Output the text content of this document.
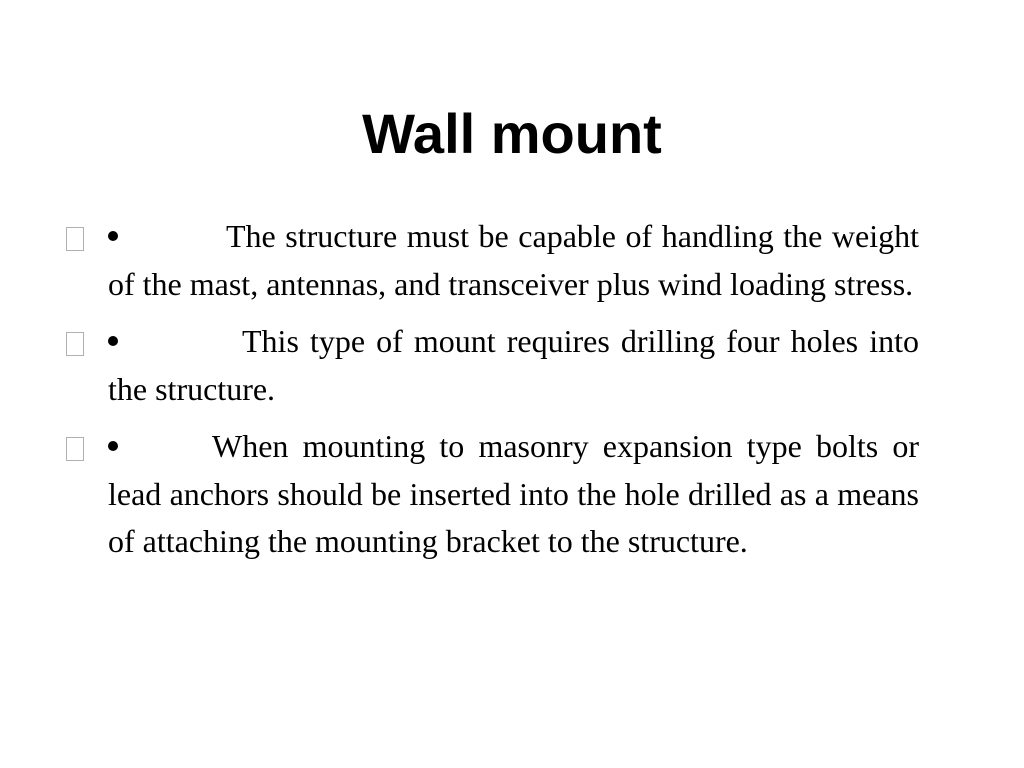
Wall mount
The structure must be capable of handling the weight of the mast, antennas, and transceiver plus wind loading stress.
This type of mount requires drilling four holes into the structure.
When mounting to masonry expansion type bolts or lead anchors should be inserted into the hole drilled as a means of attaching the mounting bracket to the structure.
